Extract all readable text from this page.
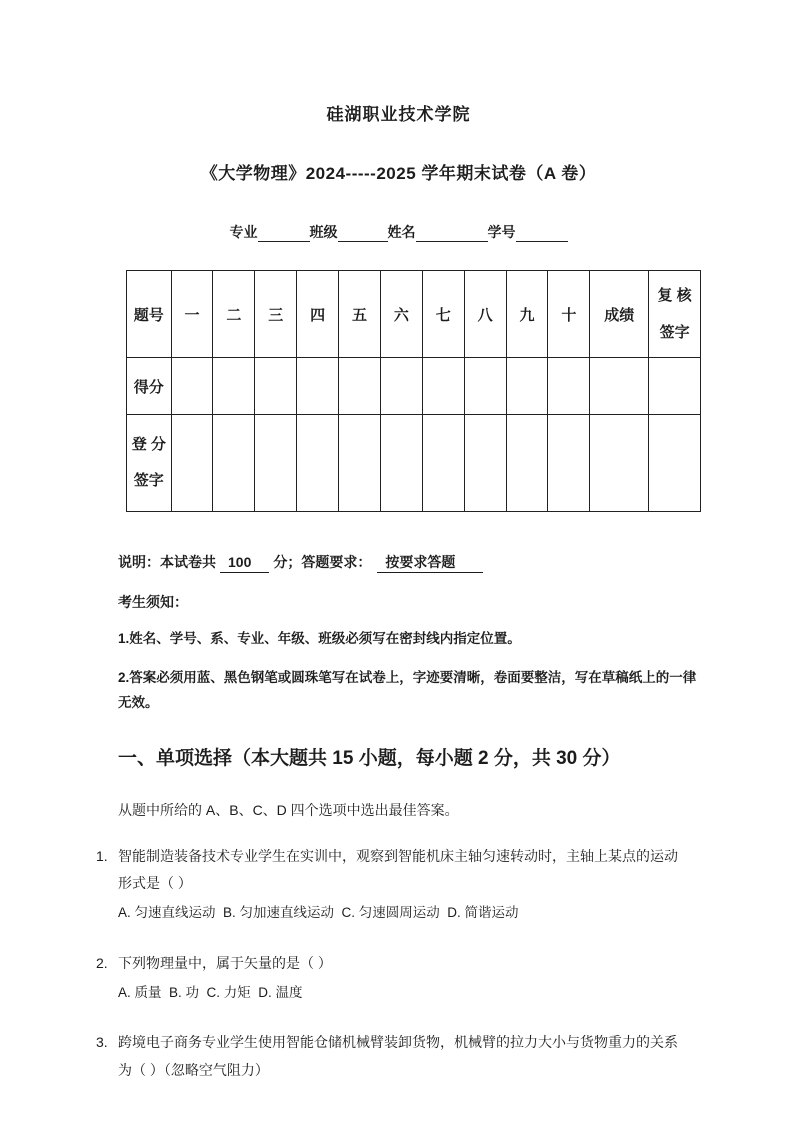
硅湖职业技术学院
《大学物理》2024-----2025 学年期末试卷（A 卷）
专业	班级	姓名	学号
题号	一	二	三	四	五	六	七	八	九	十	成绩	复 核
签字

得分												

登 分
签字												

说明：本试卷共 100 分；答题要求： 按要求答题
考生须知：
1.姓名、学号、系、专业、年级、班级必须写在密封线内指定位置。
2.答案必须用蓝、黑色钢笔或圆珠笔写在试卷上，字迹要清晰，卷面要整洁，写在草稿纸上的一律无效。
一、单项选择（本大题共 15 小题，每小题 2 分，共 30 分）
从题中所给的 A、B、C、D 四个选项中选出最佳答案。
1. 智能制造装备技术专业学生在实训中，观察到智能机床主轴匀速转动时，主轴上某点的运动形式是（ ）
A. 匀速直线运动  B. 匀加速直线运动  C. 匀速圆周运动  D. 简谐运动
2. 下列物理量中，属于矢量的是（ ）
A. 质量  B. 功  C. 力矩  D. 温度
3. 跨境电子商务专业学生使用智能仓储机械臂装卸货物，机械臂的拉力大小与货物重力的关系为（ ）（忽略空气阻力）
